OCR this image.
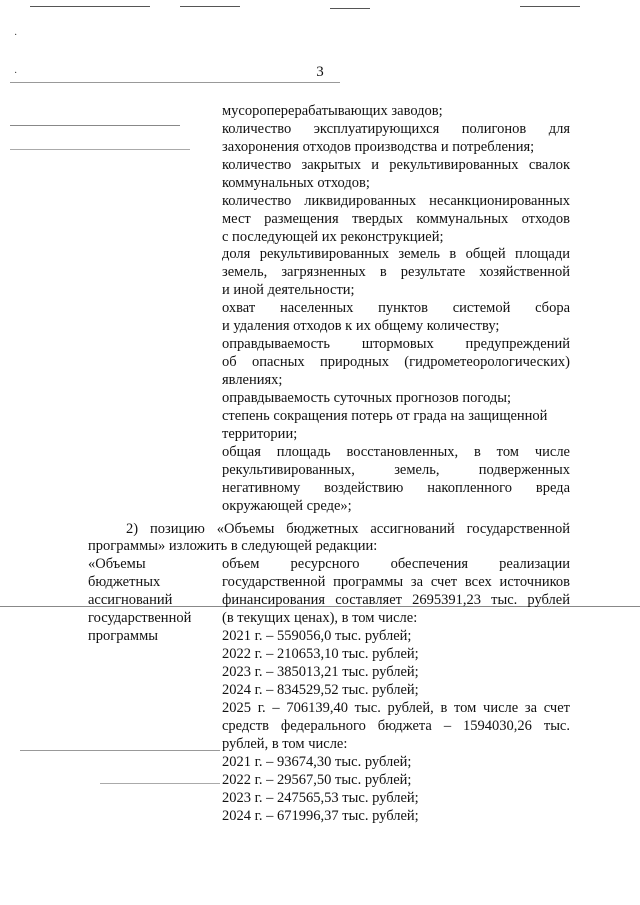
·
·	3
мусороперерабатывающих заводов;
количество эксплуатирующихся полигонов для
захоронения отходов производства и потребления;
количество закрытых и рекультивированных свалок
коммунальных отходов;
количество ликвидированных несанкционированных
мест размещения твердых коммунальных отходов
с последующей их реконструкцией;
доля рекультивированных земель в общей площади
земель, загрязненных в результате хозяйственной
и иной деятельности;
охват населенных пунктов системой сбора
и удаления отходов к их общему количеству;
оправдываемость штормовых предупреждений
об опасных природных (гидрометеорологических)
явлениях;
оправдываемость суточных прогнозов погоды;
степень сокращения потерь от града на защищенной
территории;
общая площадь восстановленных, в том числе
рекультивированных, земель, подверженных
негативному воздействию накопленного вреда
окружающей среде»;
2) позицию «Объемы бюджетных ассигнований государственной
программы» изложить в следующей редакции:
«Объемы
бюджетных
ассигнований
государственной
программы
объем ресурсного обеспечения реализации
государственной программы за счет всех источников
финансирования составляет 2695391,23 тыс. рублей
(в текущих ценах), в том числе:
2021 г. – 559056,0 тыс. рублей;
2022 г. – 210653,10 тыс. рублей;
2023 г. – 385013,21 тыс. рублей;
2024 г. – 834529,52 тыс. рублей;
2025 г. – 706139,40 тыс. рублей, в том числе за счет
средств федерального бюджета – 1594030,26 тыс.
рублей, в том числе:
2021 г. – 93674,30 тыс. рублей;
2022 г. – 29567,50 тыс. рублей;
2023 г. – 247565,53 тыс. рублей;
2024 г. – 671996,37 тыс. рублей;
